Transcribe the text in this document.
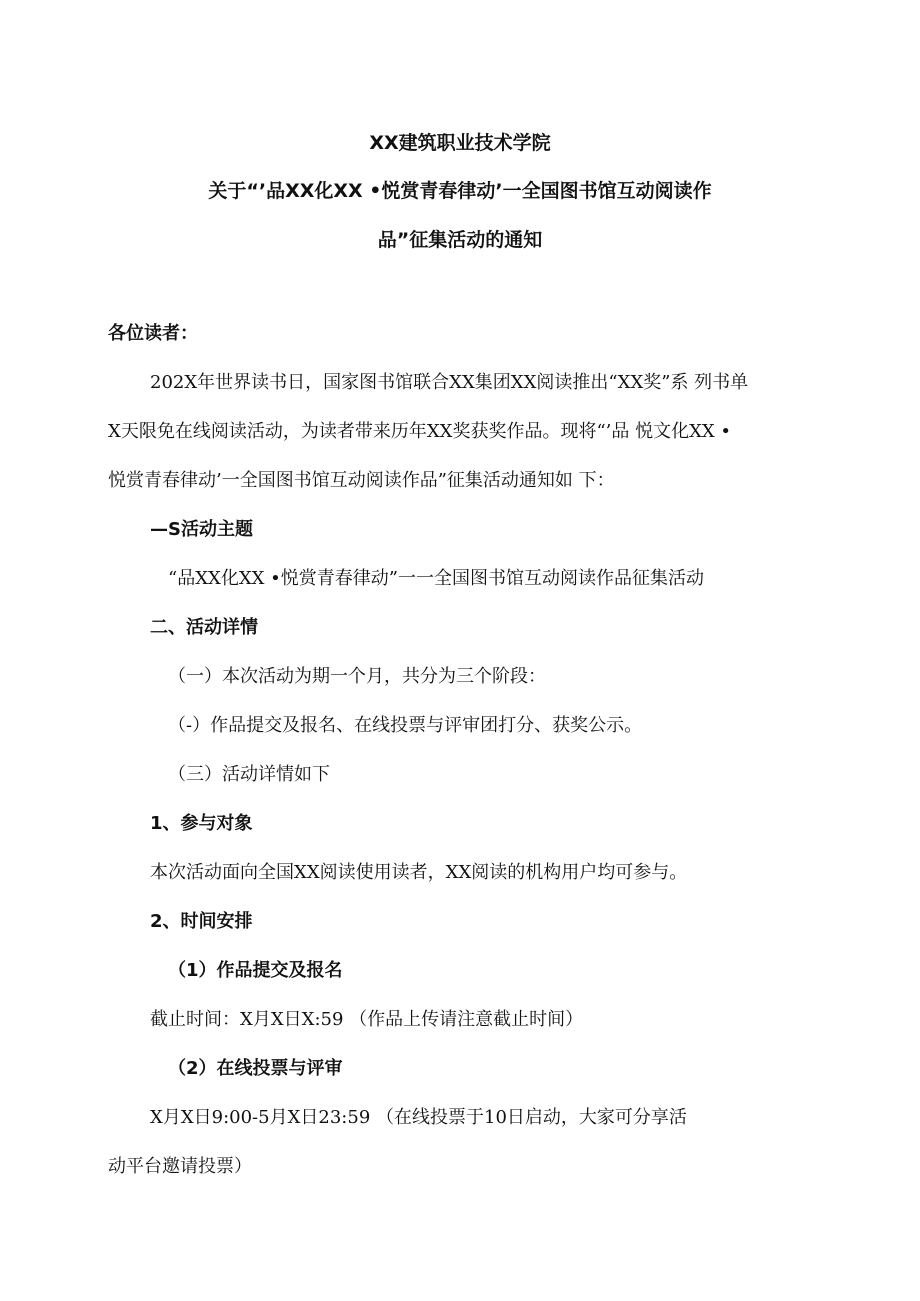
XX建筑职业技术学院
关于“’品XX化XX •悦赏青春律动’一全国图书馆互动阅读作
品”征集活动的通知
各位读者：
202X年世界读书日，国家图书馆联合XX集团XX阅读推出“XX奖”系 列书单
X天限免在线阅读活动，为读者带来历年XX奖获奖作品。现将“’品 悦文化XX •
悦赏青春律动’一全国图书馆互动阅读作品”征集活动通知如 下：
—S活动主题
“品XX化XX •悦赏青春律动”一一全国图书馆互动阅读作品征集活动
二、活动详情
（一）本次活动为期一个月，共分为三个阶段：
（-）作品提交及报名、在线投票与评审团打分、获奖公示。
（三）活动详情如下
1、参与对象
本次活动面向全国XX阅读使用读者，XX阅读的机构用户均可参与。
2、时间安排
（1）作品提交及报名
截止时间：X月X日X:59 （作品上传请注意截止时间）
（2）在线投票与评审
X月X日9:00-5月X日23:59 （在线投票于10日启动，大家可分享活
动平台邀请投票）
